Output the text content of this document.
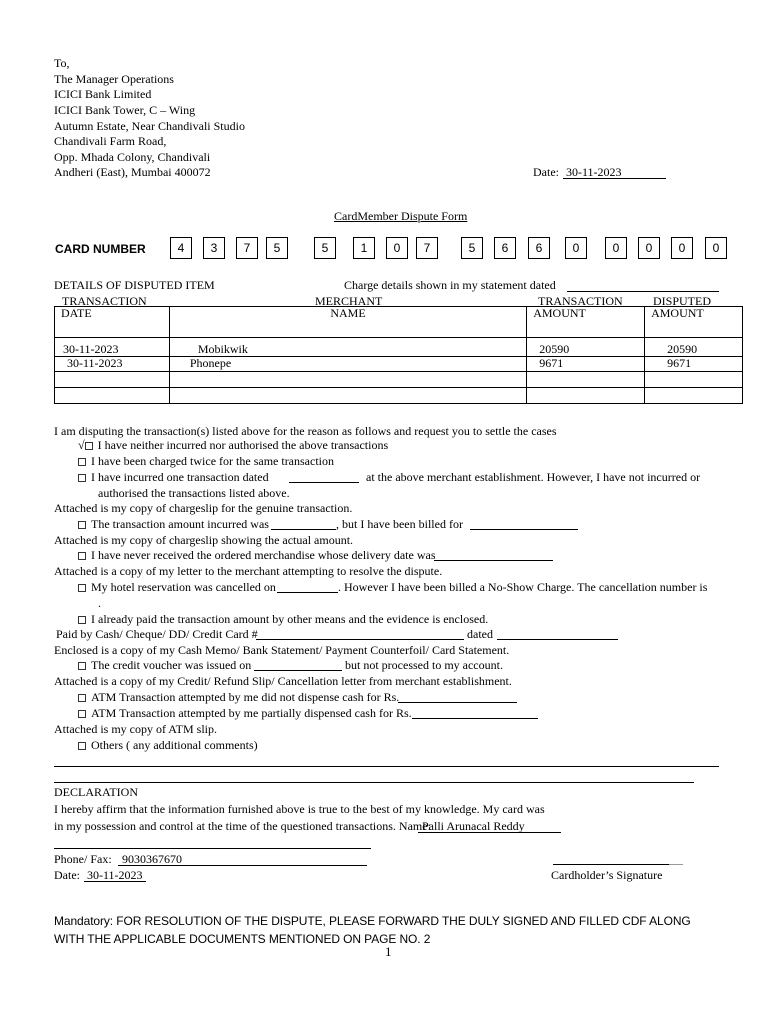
To,
The Manager Operations
ICICI Bank Limited
ICICI Bank Tower, C – Wing
Autumn Estate, Near Chandivali Studio
Chandivali Farm Road,
Opp. Mhada Colony, Chandivali
Andheri (East), Mumbai 400072	Date: 30-11-2023
CardMember Dispute Form
CARD NUMBER	4	3	7	5	5	1	0	7	5	6	6	0	0	0	0	0
DETAILS OF DISPUTED ITEM	Charge details shown in my statement dated
TRANSACTION	MERCHANT	TRANSACTION	DISPUTED
DATE	NAME	AMOUNT	AMOUNT
30-11-2023	Mobikwik	20590	20590
30-11-2023	Phonepe	9671	9671

I am disputing the transaction(s) listed above for the reason as follows and request you to settle the cases
√ I have neither incurred nor authorised the above transactions
I have been charged twice for the same transaction
I have incurred one transaction dated	at the above merchant establishment. However, I have not incurred or
authorised the transactions listed above.
Attached is my copy of chargeslip for the genuine transaction.
The transaction amount incurred was	, but I have been billed for
Attached is my copy of chargeslip showing the actual amount.
I have never received the ordered merchandise whose delivery date was
Attached is a copy of my letter to the merchant attempting to resolve the dispute.
My hotel reservation was cancelled on	. However I have been billed a No-Show Charge. The cancellation number is
.
I already paid the transaction amount by other means and the evidence is enclosed.
Paid by Cash/ Cheque/ DD/ Credit Card #	dated
Enclosed is a copy of my Cash Memo/ Bank Statement/ Payment Counterfoil/ Card Statement.
The credit voucher was issued on	but not processed to my account.
Attached is a copy of my Credit/ Refund Slip/ Cancellation letter from merchant establishment.
ATM Transaction attempted by me did not dispense cash for Rs.
ATM Transaction attempted by me partially dispensed cash for Rs.
Attached is my copy of ATM slip.
Others ( any additional comments)
DECLARATION
I hereby affirm that the information furnished above is true to the best of my knowledge. My card was
in my possession and control at the time of the questioned transactions. Name:
Palli Arunacal Reddy
Phone/ Fax: 9030367670
Date: 30-11-2023	Cardholder’s Signature
Mandatory: FOR RESOLUTION OF THE DISPUTE, PLEASE FORWARD THE DULY SIGNED AND FILLED CDF ALONG
WITH THE APPLICABLE DOCUMENTS MENTIONED ON PAGE NO. 2
1
